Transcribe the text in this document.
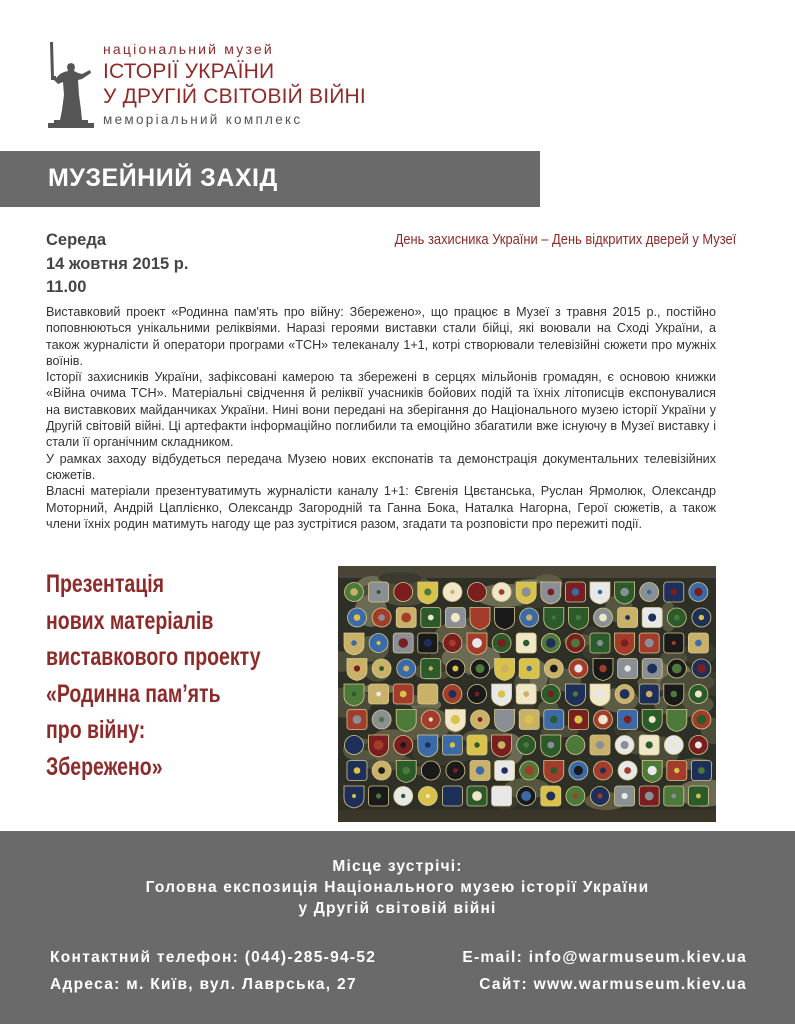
національний музей
ІСТОРІЇ УКРАЇНИ
У ДРУГІЙ СВІТОВІЙ ВІЙНІ
меморіальний комплекс
МУЗЕЙНИЙ ЗАХІД
Середа
14 жовтня 2015 р.
11.00
День захисника України – День відкритих дверей у Музеї

Виставковий проект «Родинна пам'ять про війну: Збережено», що працює в Музеї з травня 2015 р., постійно поповнюються унікальними реліквіями. Наразі героями виставки стали бійці, які воювали на Сході України, а також журналісти й оператори програми «ТСН» телеканалу 1+1, котрі створювали телевізійні сюжети про мужніх воїнів.

Історії захисників України, зафіксовані камерою та збережені в серцях мільйонів громадян, є основою книжки «Війна очима ТСН». Матеріальні свідчення й реліквії учасників бойових подій та їхніх літописців експонувалися на виставкових майданчиках України. Нині вони передані на зберігання до Національного музею історії України у Другій світовій війні. Ці артефакти інформаційно поглибили та емоційно збагатили вже існуючу в Музеї виставку і стали її органічним складником.

У рамках заходу відбудеться передача Музею нових експонатів та демонстрація документальних телевізійних сюжетів.

Власні матеріали презентуватимуть журналісти каналу 1+1: Євгенія Цвєтанська, Руслан Ярмолюк, Олександр Моторний, Андрій Цаплієнко, Олександр Загородній та Ганна Бока, Наталка Нагорна, Герої сюжетів, а також члени їхніх родин матимуть нагоду ще раз зустрітися разом, згадати та розповісти про пережиті події.

Презентація
нових матеріалів
виставкового проекту
«Родинна пам’ять
про війну:
Збережено»
Місце зустрічі:
Головна експозиція Національного музею історії України
у Другій світовій війні
Контактний телефон: (044)-285-94-52
Адреса: м. Київ, вул. Лаврська, 27
E-mail: info@warmuseum.kiev.ua
Сайт: www.warmuseum.kiev.ua
